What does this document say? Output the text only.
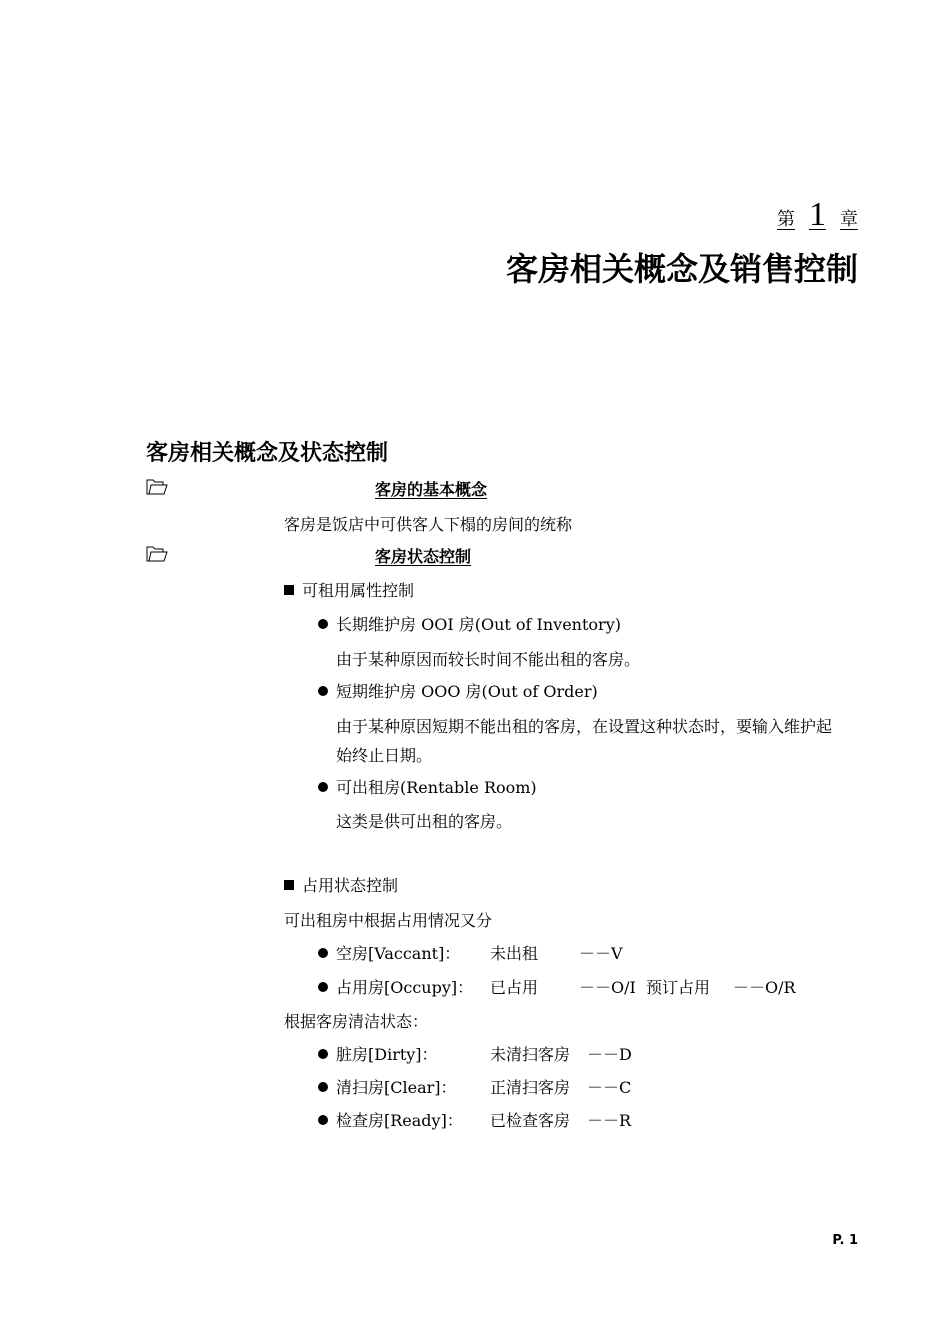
第 1 章
客房相关概念及销售控制
客房相关概念及状态控制
客房的基本概念
客房是饭店中可供客人下榻的房间的统称
客房状态控制
可租用属性控制
长期维护房 OOI 房(Out of Inventory)
由于某种原因而较长时间不能出租的客房。
短期维护房 OOO 房(Out of Order)
由于某种原因短期不能出租的客房，在设置这种状态时，要输入维护起
始终止日期。
可出租房(Rentable Room)
这类是供可出租的客房。
占用状态控制
可出租房中根据占用情况又分
空房[Vaccant]： 未出租	－－V
占用房[Occupy]： 已占用	－－O/I 预订占用 －－O/R
根据客房清洁状态：
脏房[Dirty]：	未清扫客房 －－D
清扫房[Clear]： 正清扫客房 －－C
检查房[Ready]： 已检查客房 －－R
P. 1
